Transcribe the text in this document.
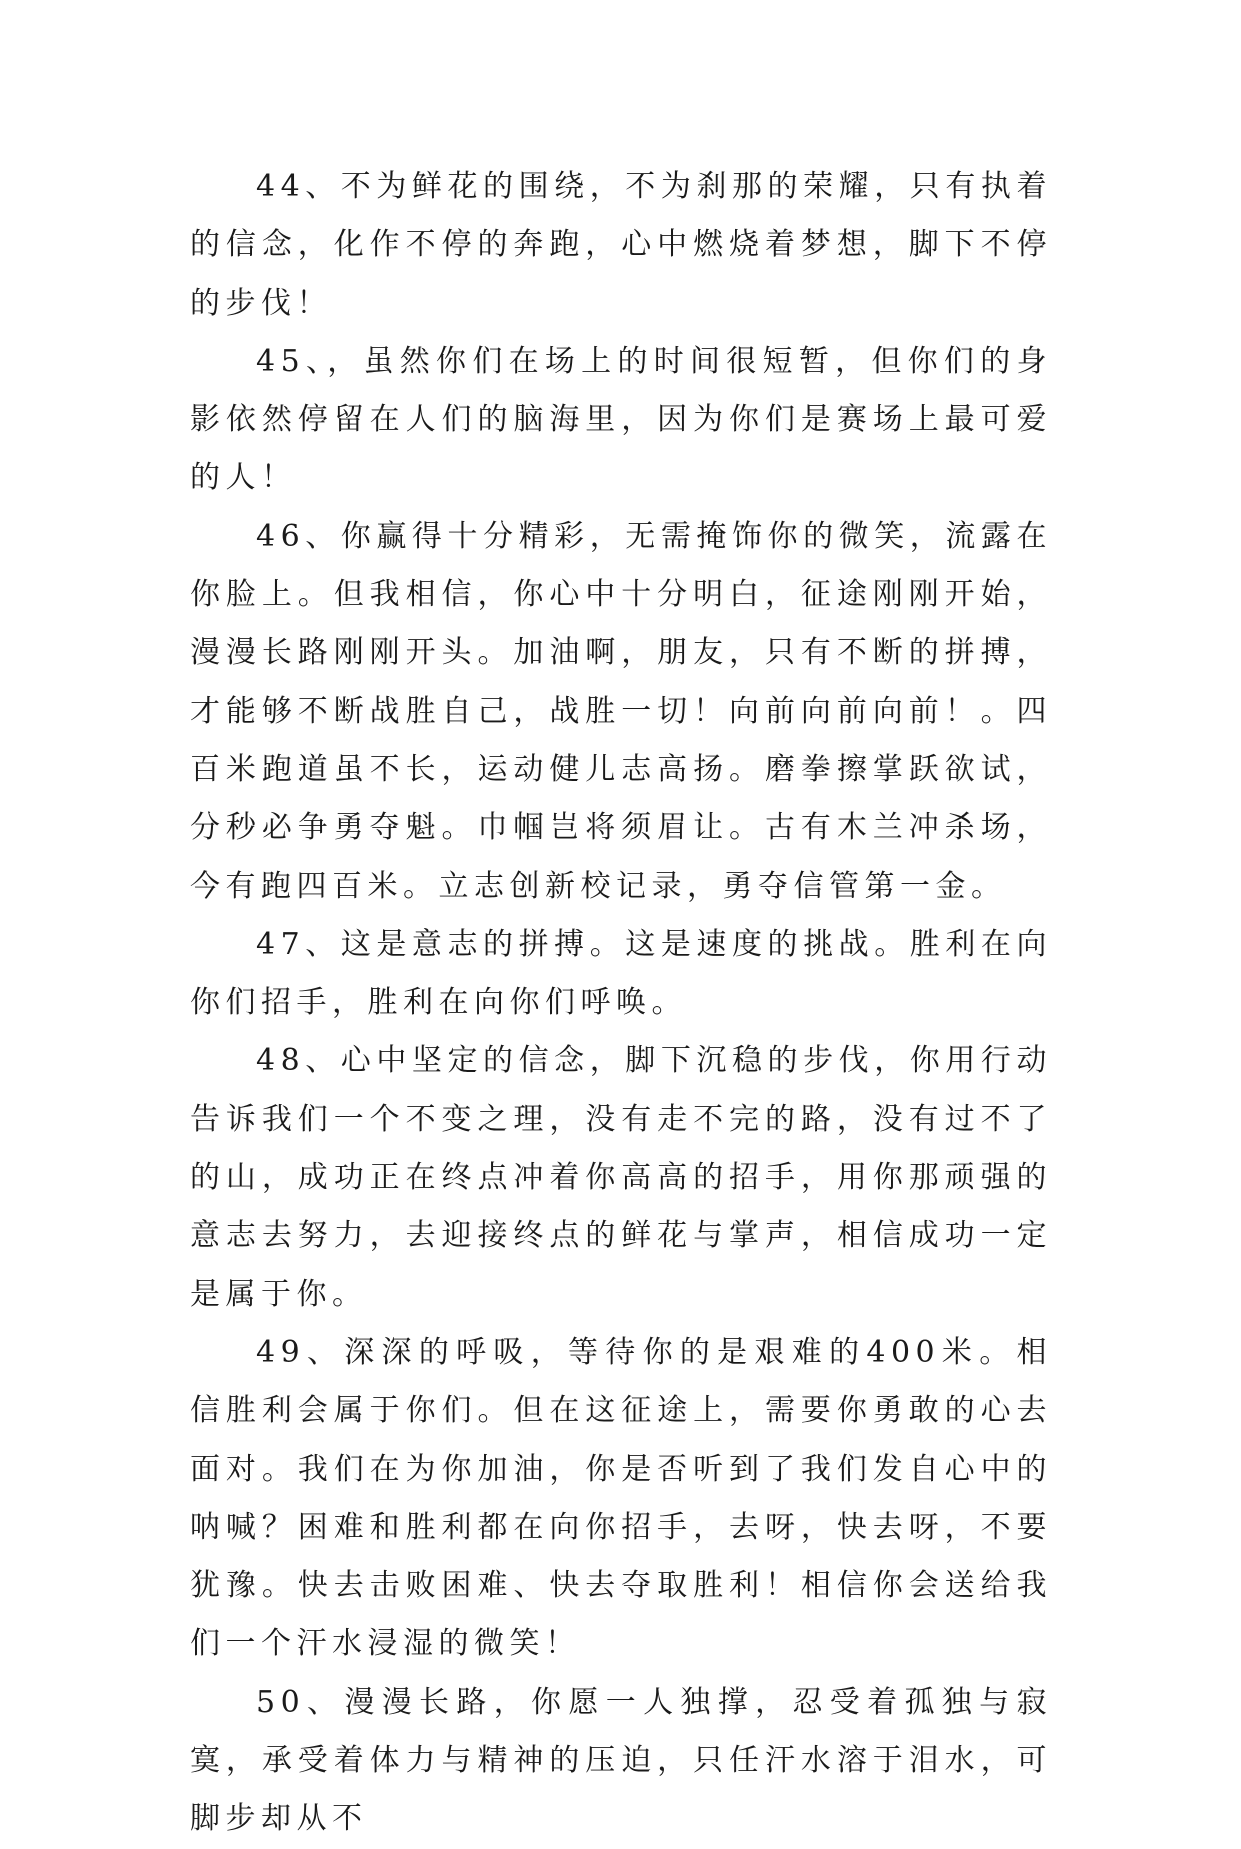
44、不为鲜花的围绕，不为刹那的荣耀，只有执着的信念，化作不停的奔跑，心中燃烧着梦想，脚下不停的步伐！

45、，虽然你们在场上的时间很短暂，但你们的身影依然停留在人们的脑海里，因为你们是赛场上最可爱的人！

46、你赢得十分精彩，无需掩饰你的微笑，流露在你脸上。但我相信，你心中十分明白，征途刚刚开始，漫漫长路刚刚开头。加油啊，朋友，只有不断的拼搏，才能够不断战胜自己，战胜一切！向前向前向前！。四百米跑道虽不长，运动健儿志高扬。磨拳擦掌跃欲试，分秒必争勇夺魁。巾帼岂将须眉让。古有木兰冲杀场，今有跑四百米。立志创新校记录，勇夺信管第一金。

47、这是意志的拼搏。这是速度的挑战。胜利在向你们招手，胜利在向你们呼唤。

48、心中坚定的信念，脚下沉稳的步伐，你用行动告诉我们一个不变之理，没有走不完的路，没有过不了的山，成功正在终点冲着你高高的招手，用你那顽强的意志去努力，去迎接终点的鲜花与掌声，相信成功一定是属于你。

49、深深的呼吸，等待你的是艰难的400米。相信胜利会属于你们。但在这征途上，需要你勇敢的心去面对。我们在为你加油，你是否听到了我们发自心中的呐喊？困难和胜利都在向你招手，去呀，快去呀，不要犹豫。快去击败困难、快去夺取胜利！相信你会送给我们一个汗水浸湿的微笑！

50、漫漫长路，你愿一人独撑，忍受着孤独与寂寞，承受着体力与精神的压迫，只任汗水溶于泪水，可脚步却从不
